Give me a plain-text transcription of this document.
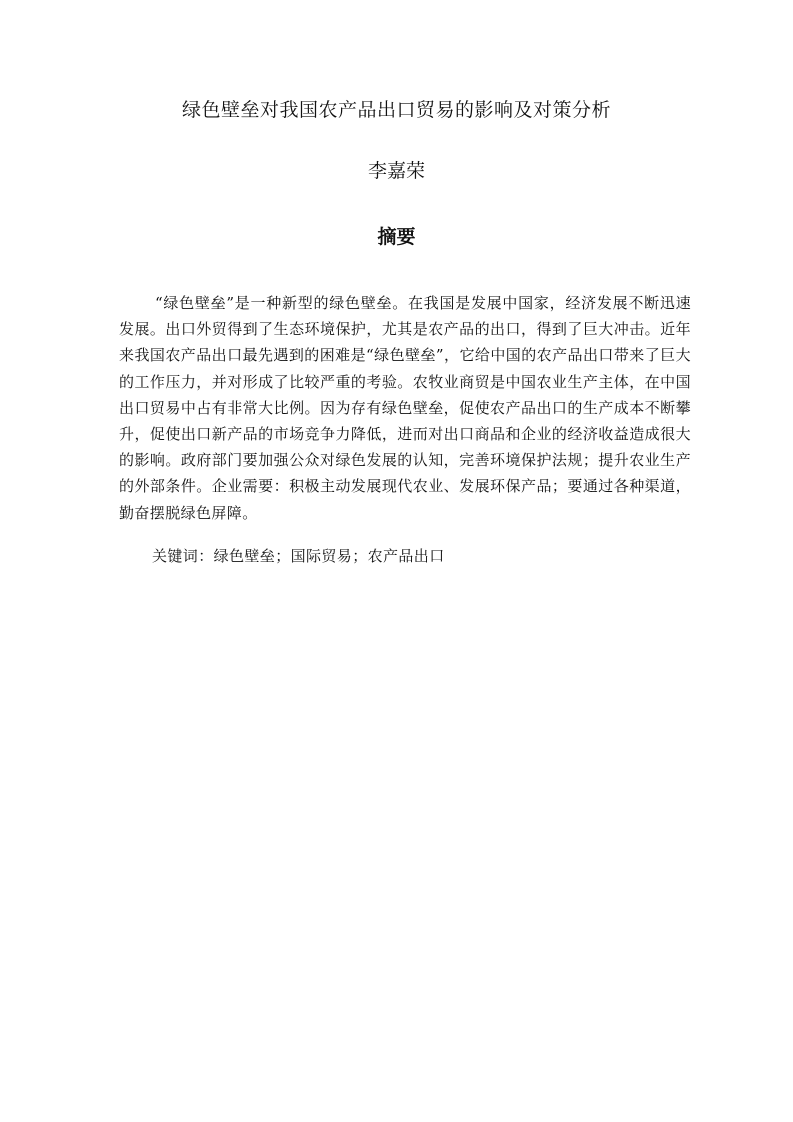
绿色壁垒对我国农产品出口贸易的影响及对策分析
李嘉荣
摘要

“绿色壁垒”是一种新型的绿色壁垒。在我国是发展中国家，经济发展不断迅速发展。出口外贸得到了生态环境保护，尤其是农产品的出口，得到了巨大冲击。近年来我国农产品出口最先遇到的困难是“绿色壁垒”，它给中国的农产品出口带来了巨大的工作压力，并对形成了比较严重的考验。农牧业商贸是中国农业生产主体，在中国出口贸易中占有非常大比例。因为存有绿色壁垒，促使农产品出口的生产成本不断攀升，促使出口新产品的市场竞争力降低，进而对出口商品和企业的经济收益造成很大的影响。政府部门要加强公众对绿色发展的认知，完善环境保护法规；提升农业生产的外部条件。企业需要：积极主动发展现代农业、发展环保产品；要通过各种渠道，勤奋摆脱绿色屏障。

关键词：绿色壁垒；国际贸易；农产品出口
